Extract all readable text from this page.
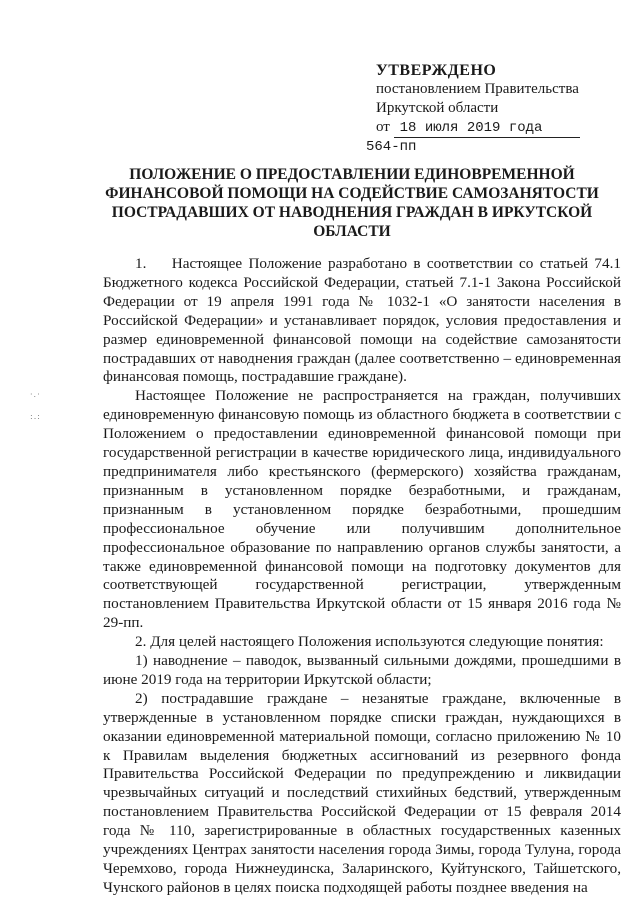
УТВЕРЖДЕНО
постановлением Правительства
Иркутской области
от 18 июля 2019 года
564-пп
ПОЛОЖЕНИЕ О ПРЕДОСТАВЛЕНИИ ЕДИНОВРЕМЕННОЙ ФИНАНСОВОЙ ПОМОЩИ НА СОДЕЙСТВИЕ САМОЗАНЯТОСТИ ПОСТРАДАВШИХ ОТ НАВОДНЕНИЯ ГРАЖДАН В ИРКУТСКОЙ ОБЛАСТИ

1.    Настоящее Положение разработано в соответствии со статьей 74.1 Бюджетного кодекса Российской Федерации, статьей 7.1-1 Закона Российской Федерации от 19 апреля 1991 года № 1032-1 «О занятости населения в Российской Федерации» и устанавливает порядок, условия предоставления и размер единовременной финансовой помощи на содействие самозанятости пострадавших от наводнения граждан (далее соответственно – единовременная финансовая помощь, пострадавшие граждане).

Настоящее Положение не распространяется на граждан, получивших единовременную финансовую помощь из областного бюджета в соответствии с Положением о предоставлении единовременной финансовой помощи при государственной регистрации в качестве юридического лица, индивидуального предпринимателя либо крестьянского (фермерского) хозяйства гражданам, признанным в установленном порядке безработными, и гражданам, признанным в установленном порядке безработными, прошедшим профессиональное обучение или получившим дополнительное профессиональное образование по направлению органов службы занятости, а также единовременной финансовой помощи на подготовку документов для соответствующей государственной регистрации, утвержденным постановлением Правительства Иркутской области от 15 января 2016 года № 29-пп.

2. Для целей настоящего Положения используются следующие понятия:

1) наводнение – паводок, вызванный сильными дождями, прошедшими в июне 2019 года на территории Иркутской области;

2) пострадавшие граждане – незанятые граждане, включенные в утвержденные в установленном порядке списки граждан, нуждающихся в оказании единовременной материальной помощи, согласно приложению № 10 к Правилам выделения бюджетных ассигнований из резервного фонда Правительства Российской Федерации по предупреждению и ликвидации чрезвычайных ситуаций и последствий стихийных бедствий, утвержденным постановлением Правительства Российской Федерации от 15 февраля 2014 года № 110, зарегистрированные в областных государственных казенных учреждениях Центрах занятости населения города Зимы, города Тулуна, города Черемхово, города Нижнеудинска, Заларинского, Куйтунского, Тайшетского, Чунского районов в целях поиска подходящей работы позднее введения на

·.·
:.:
